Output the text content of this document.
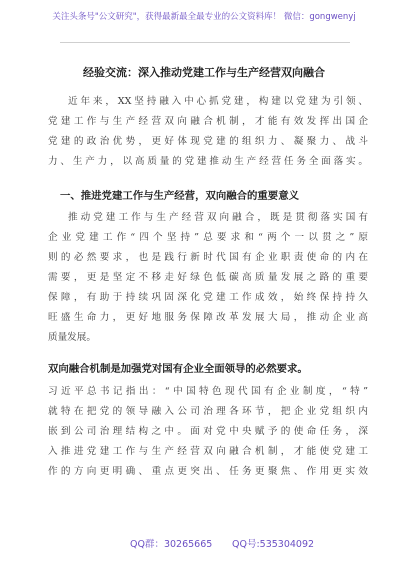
关注头条号"公文研究"，获得最新最全最专业的公文资料库！ 微信：gongwenyj
经验交流：深入推动党建工作与生产经营双向融合
近年来，XX坚持融入中心抓党建，构建以党建为引领、
党建工作与生产经营双向融合机制，才能有效发挥出国企
党建的政治优势，更好体现党建的组织力、凝聚力、战斗
力、生产力，以高质量的党建推动生产经营任务全面落实。
一、推进党建工作与生产经营，双向融合的重要意义
推动党建工作与生产经营双向融合，既是贯彻落实国有
企业党建工作“四个坚持”总要求和“两个一以贯之”原
则的必然要求，也是践行新时代国有企业职责使命的内在
需要，更是坚定不移走好绿色低碳高质量发展之路的重要
保障，有助于持续巩固深化党建工作成效，始终保持持久
旺盛生命力，更好地服务保障改革发展大局，推动企业高
质量发展。
双向融合机制是加强党对国有企业全面领导的必然要求。
习近平总书记指出：“中国特色现代国有企业制度，“特”
就特在把党的领导融入公司治理各环节，把企业党组织内
嵌到公司治理结构之中。面对党中央赋予的使命任务，深
入推进党建工作与生产经营双向融合机制，才能使党建工
作的方向更明确、重点更突出、任务更聚焦、作用更实效
QQ群：30265665 QQ号:535304092
